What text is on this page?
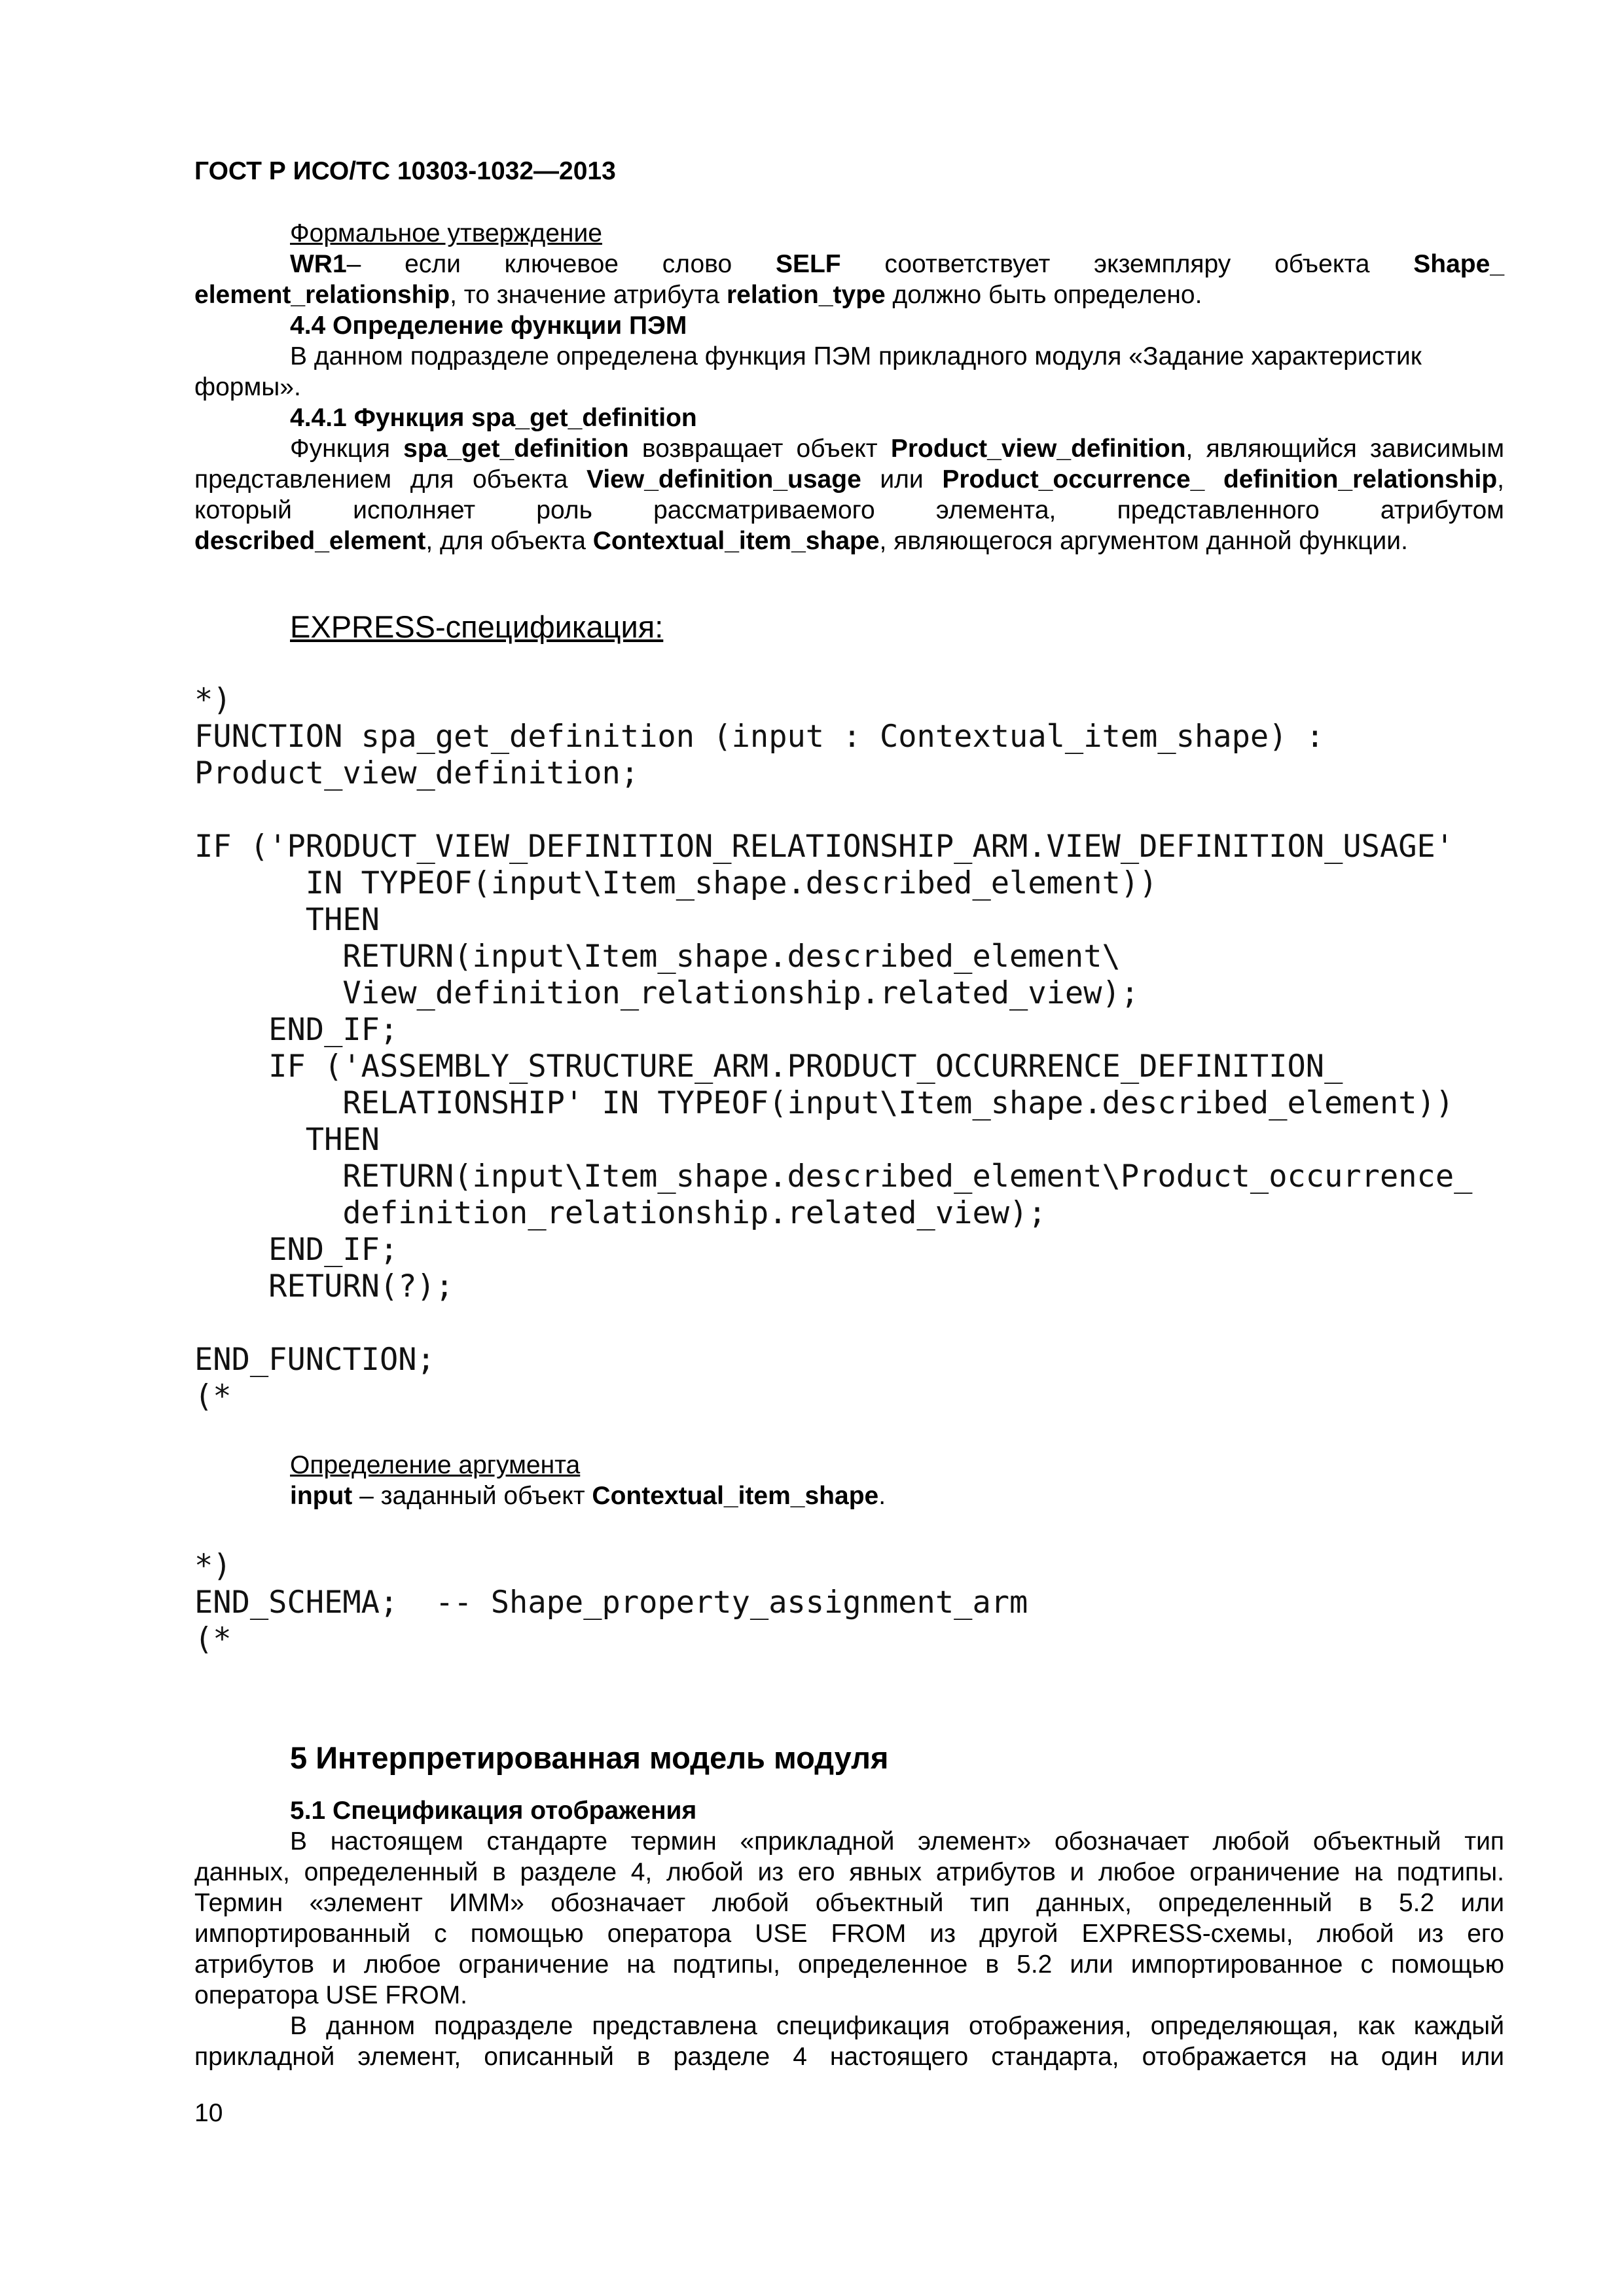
ГОСТ Р ИСО/ТС 10303-1032—2013
Формальное утверждение
WR1– если ключевое слово SELF соответствует экземпляру объекта Shape_
element_relationship, то значение атрибута relation_type должно быть определено.
4.4 Определение функции ПЭМ
В данном подразделе определена функция ПЭМ прикладного модуля «Задание характеристик
формы».
4.4.1 Функция spa_get_definition
Функция spa_get_definition возвращает объект Product_view_definition, являющийся зависимым
представлением для объекта View_definition_usage или Product_occurrence_ definition_relationship,
который исполняет роль рассматриваемого элемента, представленного атрибутом
described_element, для объекта Contextual_item_shape, являющегося аргументом данной функции.
EXPRESS-спецификация:
*)
FUNCTION spa_get_definition (input : Contextual_item_shape) :
Product_view_definition;
IF ('PRODUCT_VIEW_DEFINITION_RELATIONSHIP_ARM.VIEW_DEFINITION_USAGE'
IN TYPEOF(input\Item_shape.described_element))
THEN
RETURN(input\Item_shape.described_element\
View_definition_relationship.related_view);
END_IF;
IF ('ASSEMBLY_STRUCTURE_ARM.PRODUCT_OCCURRENCE_DEFINITION_
RELATIONSHIP' IN TYPEOF(input\Item_shape.described_element))
THEN
RETURN(input\Item_shape.described_element\Product_occurrence_
definition_relationship.related_view);
END_IF;
RETURN(?);
END_FUNCTION;
(*
Определение аргумента
input – заданный объект Contextual_item_shape.
*)
END_SCHEMA;  -- Shape_property_assignment_arm
(*
5 Интерпретированная модель модуля
5.1 Спецификация отображения
В настоящем стандарте термин «прикладной элемент» обозначает любой объектный тип
данных, определенный в разделе 4, любой из его явных атрибутов и любое ограничение на подтипы.
Термин «элемент ИММ» обозначает любой объектный тип данных, определенный в 5.2 или
импортированный с помощью оператора USE FROM из другой EXPRESS-схемы, любой из его
атрибутов и любое ограничение на подтипы, определенное в 5.2 или импортированное с помощью
оператора USE FROM.
В данном подразделе представлена спецификация отображения, определяющая, как каждый
прикладной элемент, описанный в разделе 4 настоящего стандарта, отображается на один или
10
